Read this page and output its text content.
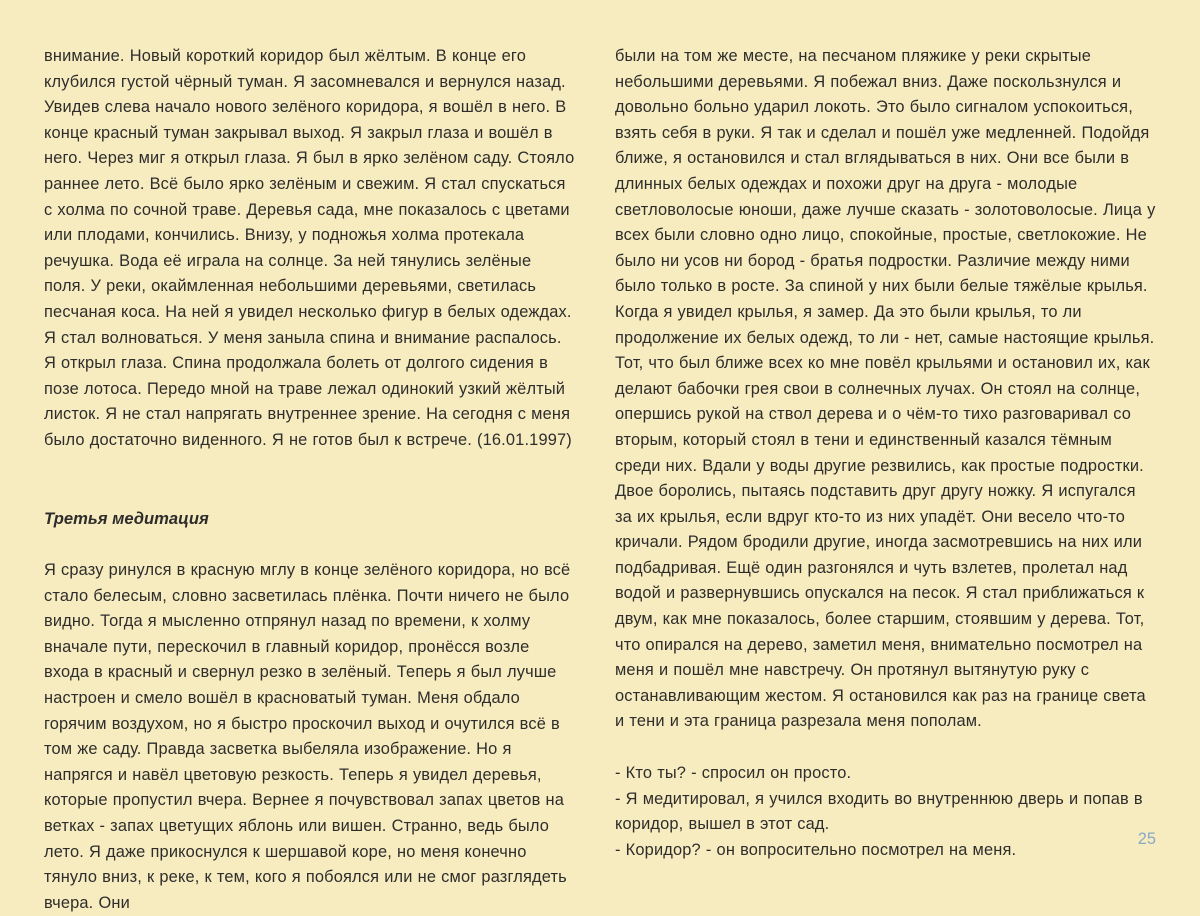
внимание. Новый короткий коридор был жёлтым. В конце его клубился густой чёрный туман. Я засомневался и вернулся назад. Увидев слева начало нового зелёного коридора, я вошёл в него. В конце красный туман закрывал выход. Я закрыл глаза и вошёл в него. Через миг я открыл глаза. Я был в ярко зелёном саду. Стояло раннее лето. Всё было ярко зелёным и свежим. Я стал спускаться с холма по сочной траве. Деревья сада, мне показалось с цветами или плодами, кончились. Внизу, у подножья холма протекала речушка. Вода её играла на солнце. За ней тянулись зелёные поля. У реки, окаймленная небольшими деревьями, светилась песчаная коса. На ней я увидел несколько фигур в белых одеждах. Я стал волноваться. У меня заныла спина и внимание распалось. Я открыл глаза. Спина продолжала болеть от долгого сидения в позе лотоса. Передо мной на траве лежал одинокий узкий жёлтый листок. Я не стал напрягать внутреннее зрение. На сегодня с меня было достаточно виденного. Я не готов был к встрече. (16.01.1997)

Третья медитация

Я сразу ринулся в красную мглу в конце зелёного коридора, но всё стало белесым, словно засветилась плёнка. Почти ничего не было видно. Тогда я мысленно отпрянул назад по времени, к холму вначале пути, перескочил в главный коридор, пронёсся возле входа в красный и свернул резко в зелёный. Теперь я был лучше настроен и смело вошёл в красноватый туман. Меня обдало горячим воздухом, но я быстро проскочил выход и очутился всё в том же саду. Правда засветка выбеляла изображение. Но я напрягся и навёл цветовую резкость. Теперь я увидел деревья, которые пропустил вчера. Вернее я почувствовал запах цветов на ветках - запах цветущих яблонь или вишен. Странно, ведь было лето. Я даже прикоснулся к шершавой коре, но меня конечно тянуло вниз, к реке, к тем, кого я побоялся или не смог разглядеть вчера. Они

были на том же месте, на песчаном пляжике у реки скрытые небольшими деревьями. Я побежал вниз. Даже поскользнулся и довольно больно ударил локоть. Это было сигналом успокоиться, взять себя в руки. Я так и сделал и пошёл уже медленней. Подойдя ближе, я остановился и стал вглядываться в них. Они все были в длинных белых одеждах и похожи друг на друга - молодые светловолосые юноши, даже лучше сказать - золотоволосые. Лица у всех были словно одно лицо, спокойные, простые, светлокожие. Не было ни усов ни бород - братья подростки. Различие между ними было только в росте. За спиной у них были белые тяжёлые крылья. Когда я увидел крылья, я замер. Да это были крылья, то ли продолжение их белых одежд, то ли - нет, самые настоящие крылья. Тот, что был ближе всех ко мне повёл крыльями и остановил их, как делают бабочки грея свои в солнечных лучах. Он стоял на солнце, опершись рукой на ствол дерева и о чём-то тихо разговаривал со вторым, который стоял в тени и единственный казался тёмным среди них. Вдали у воды другие резвились, как простые подростки. Двое боролись, пытаясь подставить друг другу ножку. Я испугался за их крылья, если вдруг кто-то из них упадёт. Они весело что-то кричали. Рядом бродили другие, иногда засмотревшись на них или подбадривая. Ещё один разгонялся и чуть взлетев, пролетал над водой и развернувшись опускался на песок. Я стал приближаться к двум, как мне показалось, более старшим, стоявшим у дерева. Тот, что опирался на дерево, заметил меня, внимательно посмотрел на меня и пошёл мне навстречу. Он протянул вытянутую руку с останавливающим жестом. Я остановился как раз на границе света и тени и эта граница разрезала меня пополам.

- Кто ты? - спросил он просто.

- Я медитировал, я учился входить во внутреннюю дверь и попав в коридор, вышел в этот сад.

- Коридор? - он вопросительно посмотрел на меня.

25
